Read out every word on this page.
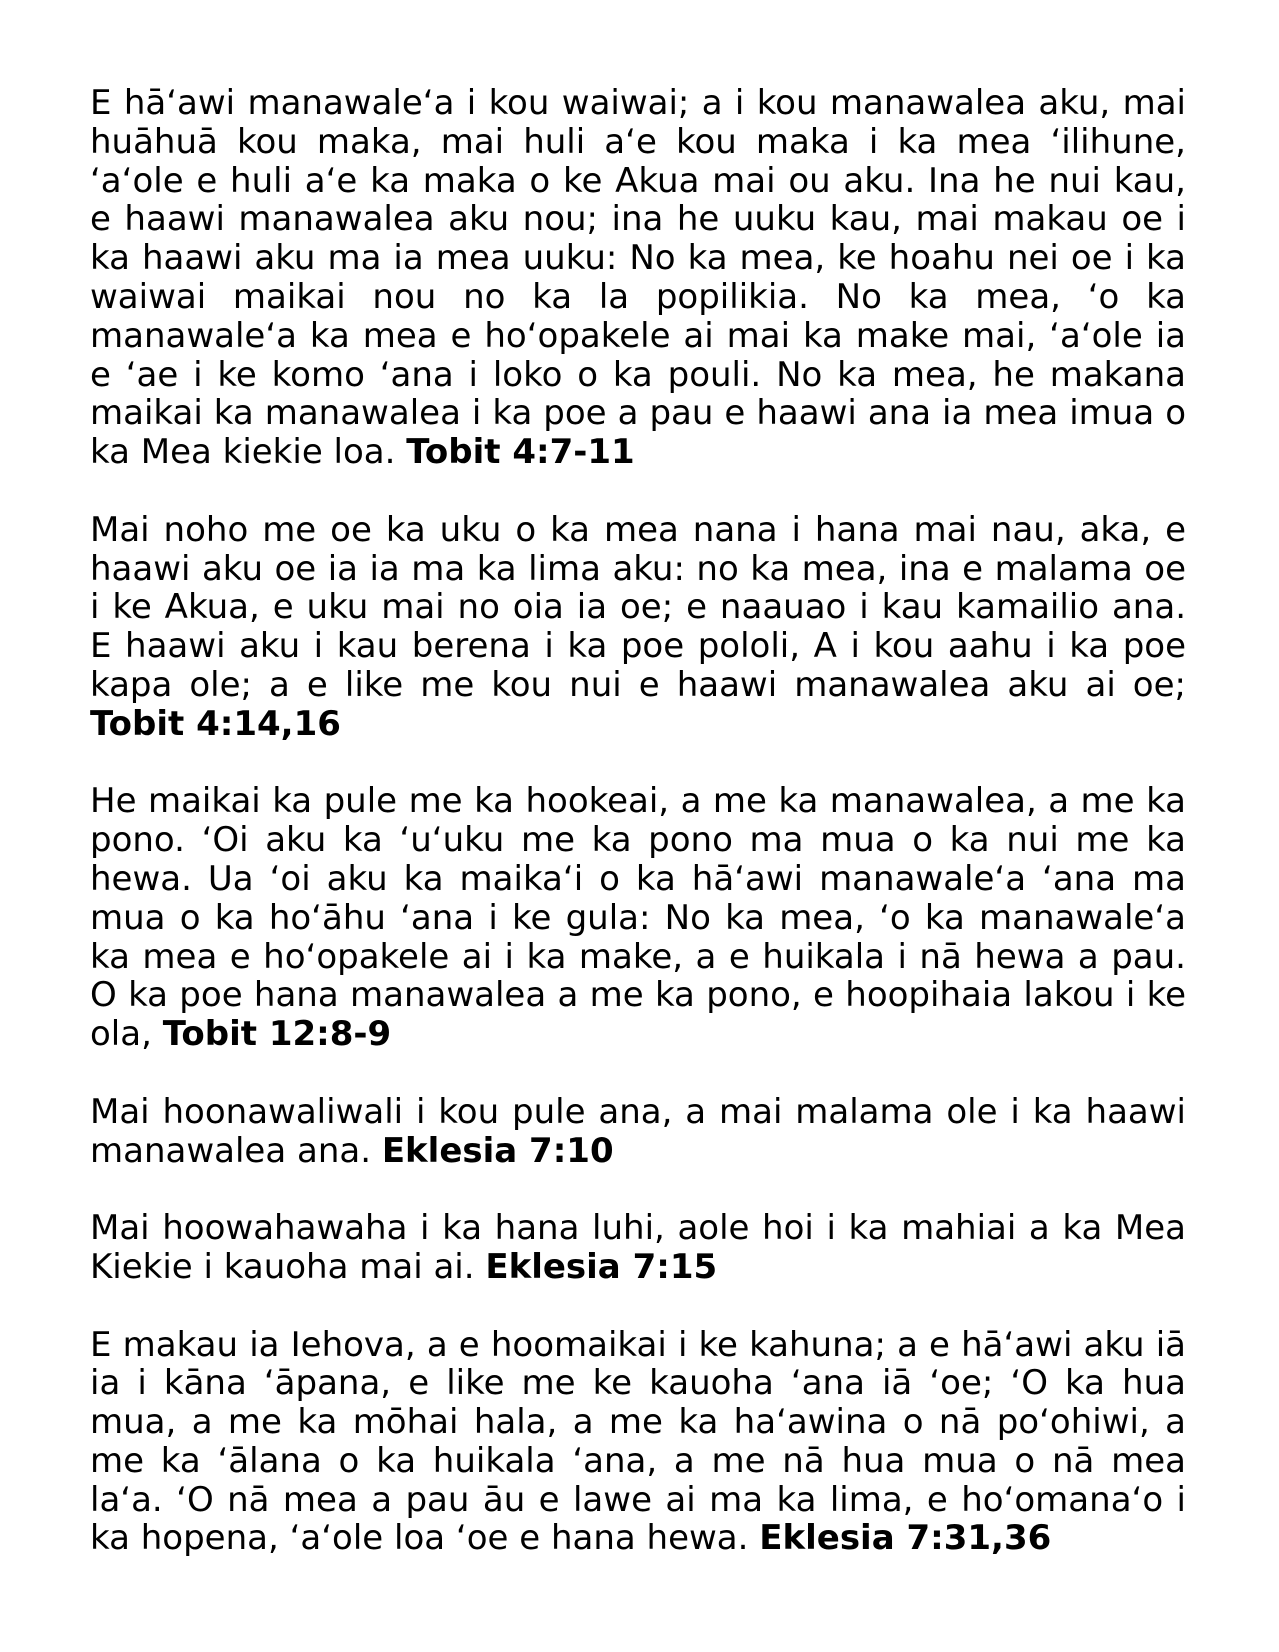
E hāʻawi manawaleʻa i kou waiwai; a i kou manawalea aku, mai huāhuā kou maka, mai huli aʻe kou maka i ka mea ʻilihune, ʻaʻole e huli aʻe ka maka o ke Akua mai ou aku. Ina he nui kau, e haawi manawalea aku nou; ina he uuku kau, mai makau oe i ka haawi aku ma ia mea uuku: No ka mea, ke hoahu nei oe i ka waiwai maikai nou no ka la popilikia. No ka mea, ʻo ka manawaleʻa ka mea e hoʻopakele ai mai ka make mai, ʻaʻole ia e ʻae i ke komo ʻana i loko o ka pouli. No ka mea, he makana maikai ka manawalea i ka poe a pau e haawi ana ia mea imua o ka Mea kiekie loa. Tobit 4:7-11

Mai noho me oe ka uku o ka mea nana i hana mai nau, aka, e haawi aku oe ia ia ma ka lima aku: no ka mea, ina e malama oe i ke Akua, e uku mai no oia ia oe; e naauao i kau kamailio ana. E haawi aku i kau berena i ka poe pololi, A i kou aahu i ka poe kapa ole; a e like me kou nui e haawi manawalea aku ai oe; Tobit 4:14,16

He maikai ka pule me ka hookeai, a me ka manawalea, a me ka pono. ʻOi aku ka ʻuʻuku me ka pono ma mua o ka nui me ka hewa. Ua ʻoi aku ka maikaʻi o ka hāʻawi manawaleʻa ʻana ma mua o ka hoʻāhu ʻana i ke gula: No ka mea, ʻo ka manawaleʻa ka mea e hoʻopakele ai i ka make, a e huikala i nā hewa a pau. O ka poe hana manawalea a me ka pono, e hoopihaia lakou i ke ola, Tobit 12:8-9

Mai hoonawaliwali i kou pule ana, a mai malama ole i ka haawi manawalea ana. Eklesia 7:10

Mai hoowahawaha i ka hana luhi, aole hoi i ka mahiai a ka Mea Kiekie i kauoha mai ai. Eklesia 7:15

E makau ia Iehova, a e hoomaikai i ke kahuna; a e hāʻawi aku iā ia i kāna ʻāpana, e like me ke kauoha ʻana iā ʻoe; ʻO ka hua mua, a me ka mōhai hala, a me ka haʻawina o nā poʻohiwi, a me ka ʻālana o ka huikala ʻana, a me nā hua mua o nā mea laʻa. ʻO nā mea a pau āu e lawe ai ma ka lima, e hoʻomanaʻo i ka hopena, ʻaʻole loa ʻoe e hana hewa. Eklesia 7:31,36
